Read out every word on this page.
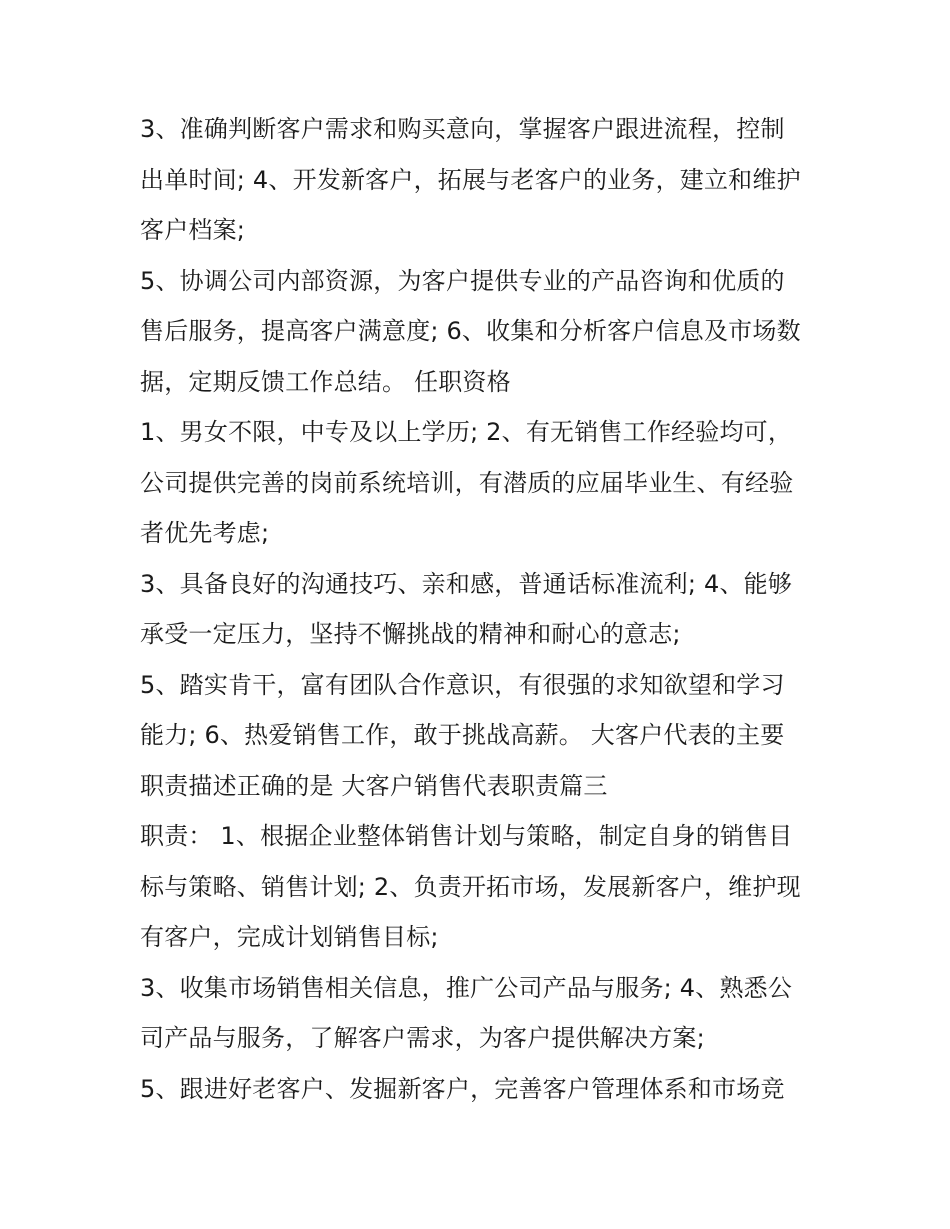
3、准确判断客户需求和购买意向，掌握客户跟进流程，控制
出单时间; 4、开发新客户，拓展与老客户的业务，建立和维护
客户档案;
5、协调公司内部资源，为客户提供专业的产品咨询和优质的
售后服务，提高客户满意度; 6、收集和分析客户信息及市场数
据，定期反馈工作总结。 任职资格
1、男女不限，中专及以上学历; 2、有无销售工作经验均可，
公司提供完善的岗前系统培训，有潜质的应届毕业生、有经验
者优先考虑;
3、具备良好的沟通技巧、亲和感，普通话标准流利; 4、能够
承受一定压力，坚持不懈挑战的精神和耐心的意志;
5、踏实肯干，富有团队合作意识，有很强的求知欲望和学习
能力; 6、热爱销售工作，敢于挑战高薪。 大客户代表的主要
职责描述正确的是 大客户销售代表职责篇三
职责： 1、根据企业整体销售计划与策略，制定自身的销售目
标与策略、销售计划; 2、负责开拓市场，发展新客户，维护现
有客户，完成计划销售目标;
3、收集市场销售相关信息，推广公司产品与服务; 4、熟悉公
司产品与服务，了解客户需求，为客户提供解决方案;
5、跟进好老客户、发掘新客户，完善客户管理体系和市场竞
